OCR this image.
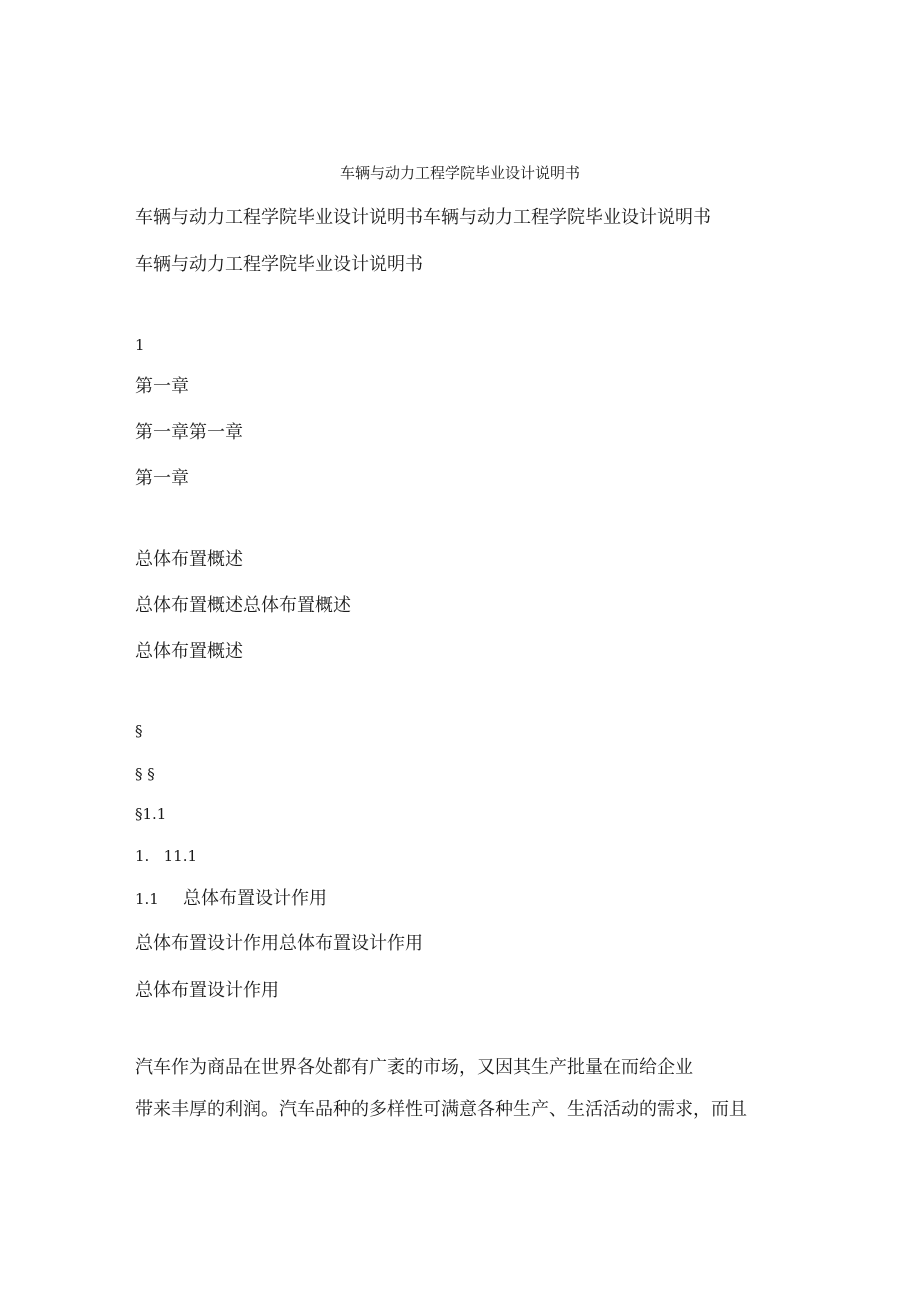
车辆与动力工程学院毕业设计说明书
车辆与动力工程学院毕业设计说明书车辆与动力工程学院毕业设计说明书
车辆与动力工程学院毕业设计说明书
1
第一章
第一章第一章
第一章
总体布置概述
总体布置概述总体布置概述
总体布置概述
§
§ §
§1.1
1.   11.1
1.1 总体布置设计作用
总体布置设计作用总体布置设计作用
总体布置设计作用
汽车作为商品在世界各处都有广袤的市场，又因其生产批量在而给企业
带来丰厚的利润。汽车品种的多样性可满意各种生产、生活活动的需求，而且
